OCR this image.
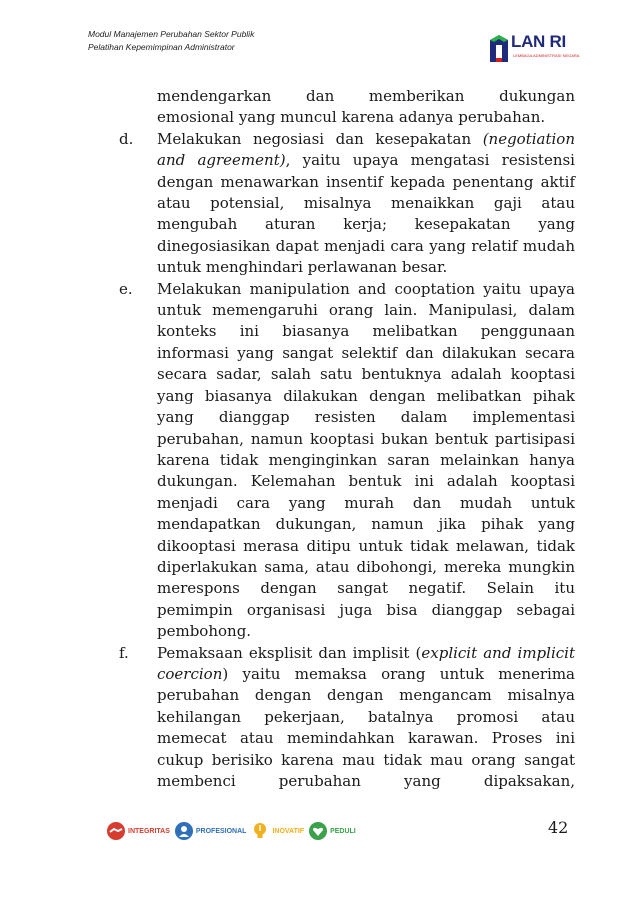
Modul Manajemen Perubahan Sektor Publik
Pelatihan Kepemimpinan Administrator	LAN RI
LEMBAGA ADMINISTRASI NEGARA
mendengarkan dan memberikan dukungan
emosional yang muncul karena adanya perubahan.
d.	Melakukan negosiasi dan kesepakatan (negotiation and agreement), yaitu upaya mengatasi resistensi dengan menawarkan insentif kepada penentang aktif atau potensial, misalnya menaikkan gaji atau mengubah aturan kerja; kesepakatan yang dinegosiasikan dapat menjadi cara yang relatif mudah untuk menghindari perlawanan besar.
e.	Melakukan manipulation and cooptation yaitu upaya untuk memengaruhi orang lain. Manipulasi, dalam konteks ini biasanya melibatkan penggunaan informasi yang sangat selektif dan dilakukan secara secara sadar, salah satu bentuknya adalah kooptasi yang biasanya dilakukan dengan melibatkan pihak yang dianggap resisten dalam implementasi perubahan, namun kooptasi bukan bentuk partisipasi karena tidak menginginkan saran melainkan hanya dukungan. Kelemahan bentuk ini adalah kooptasi menjadi cara yang murah dan mudah untuk mendapatkan dukungan, namun jika pihak yang dikooptasi merasa ditipu untuk tidak melawan, tidak diperlakukan sama, atau dibohongi, mereka mungkin merespons dengan sangat negatif. Selain itu pemimpin organisasi juga bisa dianggap sebagai pembohong.
f.	Pemaksaan eksplisit dan implisit (explicit and implicit coercion) yaitu memaksa orang untuk menerima perubahan dengan dengan mengancam misalnya kehilangan pekerjaan, batalnya promosi atau memecat atau memindahkan karawan. Proses ini cukup berisiko karena mau tidak mau orang sangat membenci perubahan yang dipaksakan,
INTEGRITAS	PROFESIONAL	INOVATIF	PEDULI	42
